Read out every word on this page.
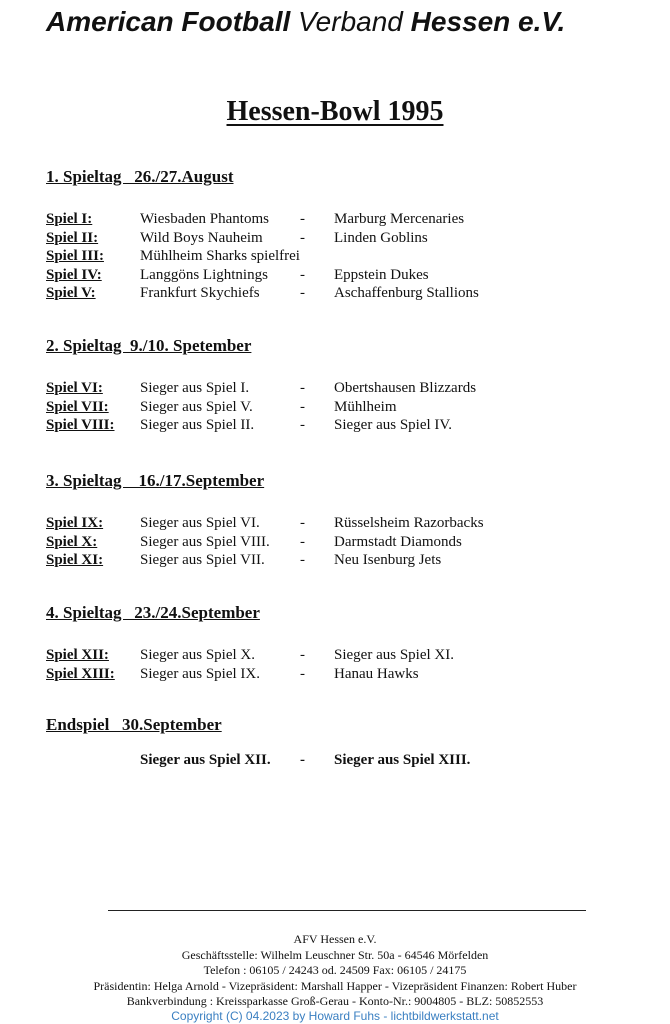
American Football Verband Hessen e.V.
Hessen-Bowl 1995
1. Spieltag   26./27.August
Spiel I:	Wiesbaden Phantoms - Marburg Mercenaries
Spiel II:	Wild Boys Nauheim - Linden Goblins
Spiel III: Mühlheim Sharks spielfrei
Spiel IV:	Langgöns Lightnings - Eppstein Dukes
Spiel V:	Frankfurt Skychiefs	- Aschaffenburg Stallions
2. Spieltag  9./10. Spetember
Spiel VI: Sieger aus Spiel I.	- Obertshausen Blizzards
Spiel VII: Sieger aus Spiel V.	- Mühlheim
Spiel VIII: Sieger aus Spiel II.	- Sieger aus Spiel IV.
3. Spieltag    16./17.September
Spiel IX: Sieger aus Spiel VI.	- Rüsselsheim Razorbacks
Spiel X:	Sieger aus Spiel VIII. - Darmstadt Diamonds
Spiel XI: Sieger aus Spiel VII. - Neu Isenburg Jets
4. Spieltag   23./24.September
Spiel XII: Sieger aus Spiel X.	- Sieger aus Spiel XI.
Spiel XIII: Sieger aus Spiel IX.	- Hanau Hawks
Endspiel   30.September
Sieger aus Spiel XII. - Sieger aus Spiel XIII.
AFV Hessen e.V.
Geschäftsstelle: Wilhelm Leuschner Str. 50a - 64546 Mörfelden
Telefon : 06105 / 24243 od. 24509 Fax: 06105 / 24175
Präsidentin: Helga Arnold - Vizepräsident: Marshall Happer - Vizepräsident Finanzen: Robert Huber
Bankverbindung : Kreissparkasse Groß-Gerau - Konto-Nr.: 9004805 - BLZ: 50852553
Copyright (C) 04.2023 by Howard Fuhs - lichtbildwerkstatt.net
